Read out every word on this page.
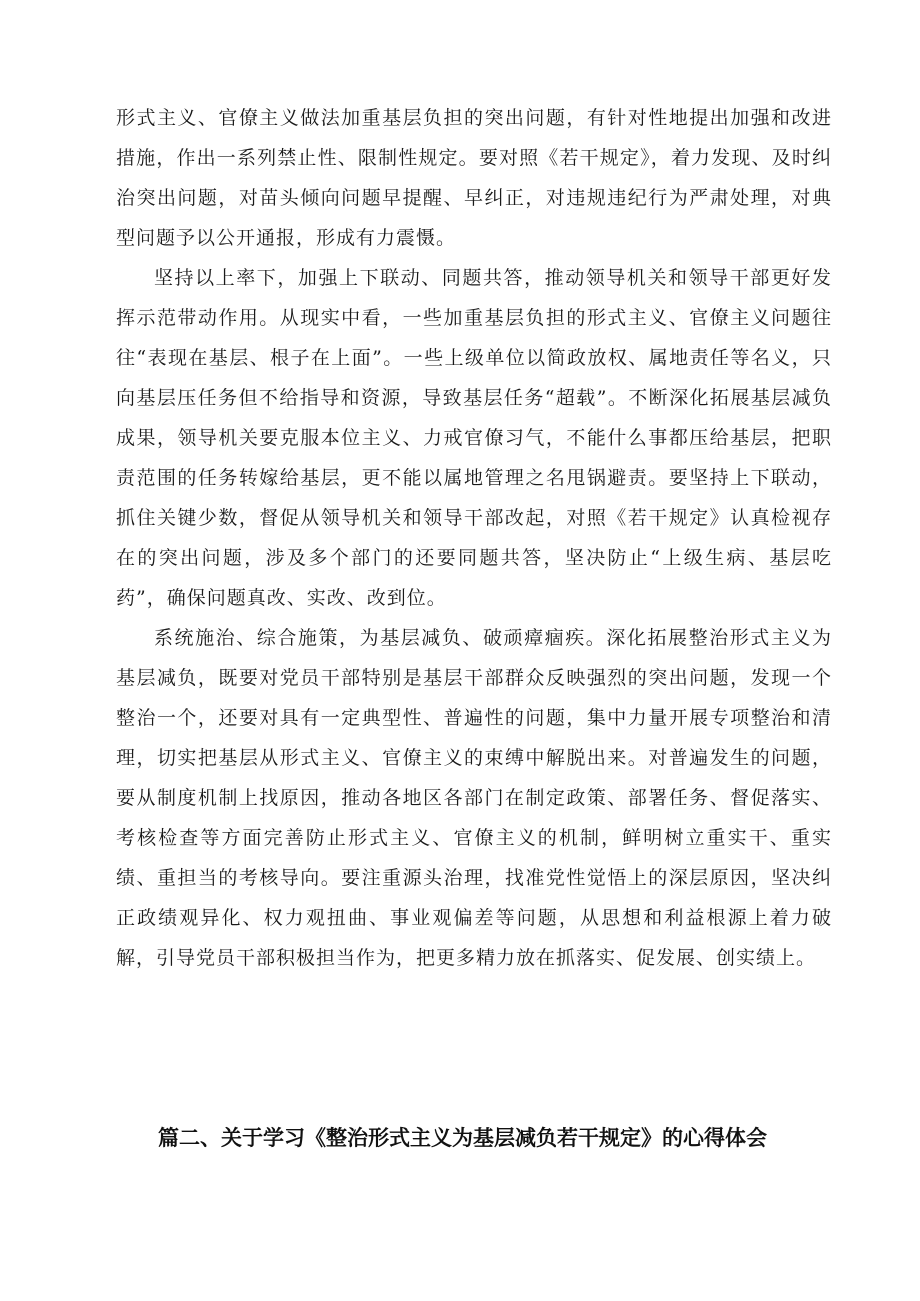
形式主义、官僚主义做法加重基层负担的突出问题，有针对性地提出加强和改进措施，作出一系列禁止性、限制性规定。要对照《若干规定》，着力发现、及时纠治突出问题，对苗头倾向问题早提醒、早纠正，对违规违纪行为严肃处理，对典型问题予以公开通报，形成有力震慑。

坚持以上率下，加强上下联动、同题共答，推动领导机关和领导干部更好发挥示范带动作用。从现实中看，一些加重基层负担的形式主义、官僚主义问题往往“表现在基层、根子在上面”。一些上级单位以简政放权、属地责任等名义，只向基层压任务但不给指导和资源，导致基层任务“超载”。不断深化拓展基层减负成果，领导机关要克服本位主义、力戒官僚习气，不能什么事都压给基层，把职责范围的任务转嫁给基层，更不能以属地管理之名甩锅避责。要坚持上下联动，抓住关键少数，督促从领导机关和领导干部改起，对照《若干规定》认真检视存在的突出问题，涉及多个部门的还要同题共答，坚决防止“上级生病、基层吃药”，确保问题真改、实改、改到位。

系统施治、综合施策，为基层减负、破顽瘴痼疾。深化拓展整治形式主义为基层减负，既要对党员干部特别是基层干部群众反映强烈的突出问题，发现一个整治一个，还要对具有一定典型性、普遍性的问题，集中力量开展专项整治和清理，切实把基层从形式主义、官僚主义的束缚中解脱出来。对普遍发生的问题，要从制度机制上找原因，推动各地区各部门在制定政策、部署任务、督促落实、考核检查等方面完善防止形式主义、官僚主义的机制，鲜明树立重实干、重实绩、重担当的考核导向。要注重源头治理，找准党性觉悟上的深层原因，坚决纠正政绩观异化、权力观扭曲、事业观偏差等问题，从思想和利益根源上着力破解，引导党员干部积极担当作为，把更多精力放在抓落实、促发展、创实绩上。

篇二、关于学习《整治形式主义为基层减负若干规定》的心得体会
